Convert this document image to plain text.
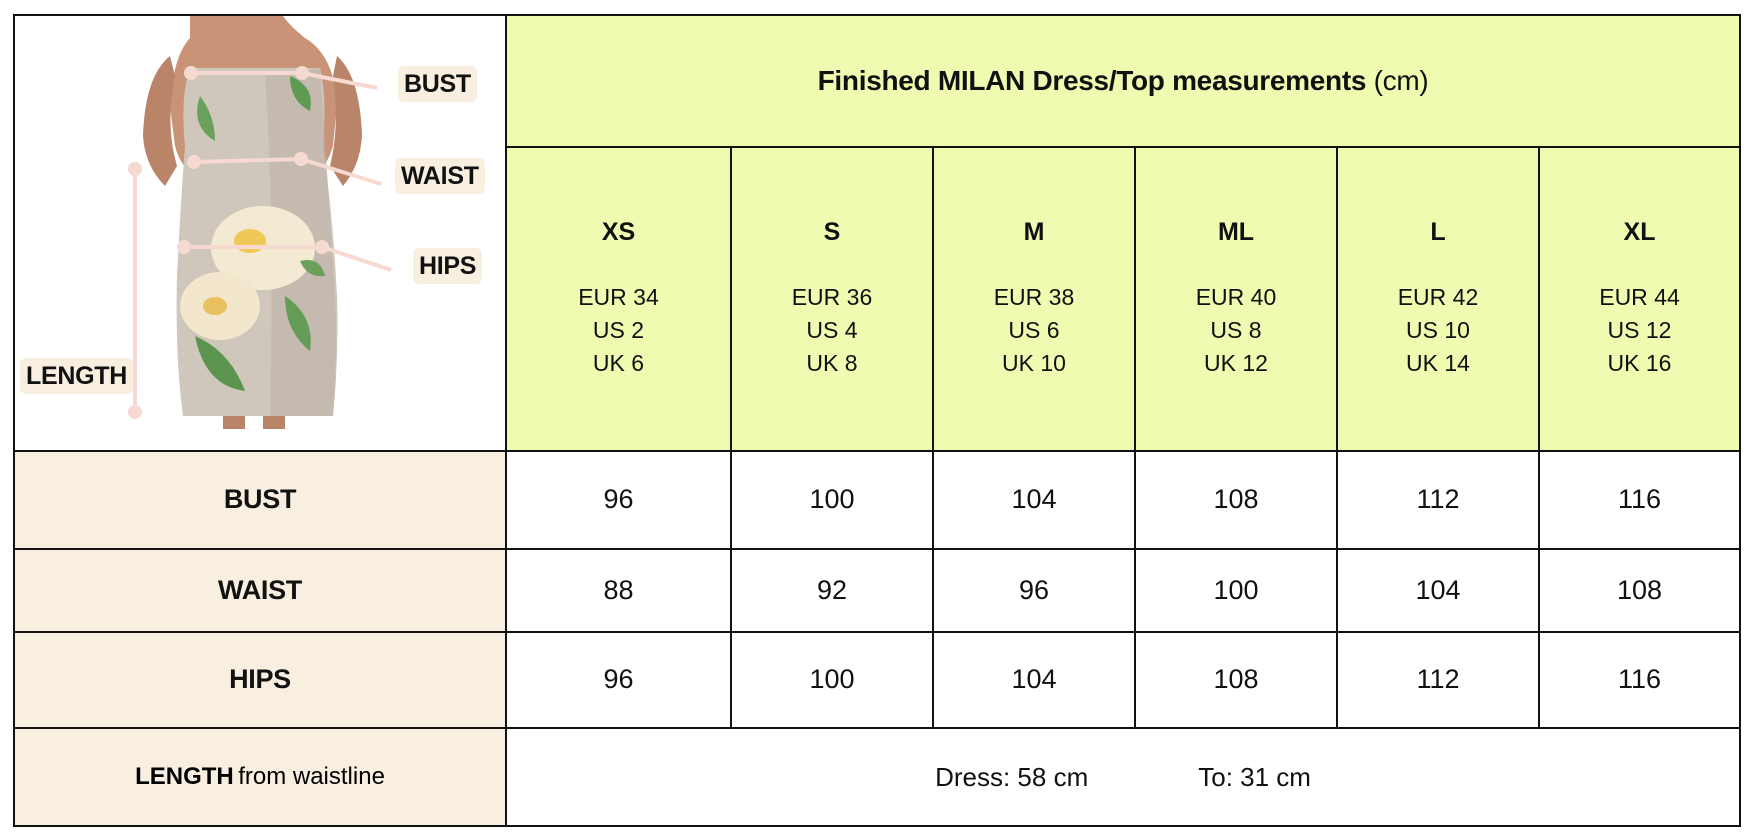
BUST
WAIST
HIPS
LENGTH	Finished MILAN Dress/Top measurements (cm)					

	XS
EUR 34
US 2
UK 6	S
EUR 36
US 4
UK 8	M
EUR 38
US 6
UK 10	ML
EUR 40
US 8
UK 12	L
EUR 42
US 10
UK 14	XL
EUR 44
US 12
UK 16

BUST	96	100	104	108	112	116
WAIST	88	92	96	100	104	108
HIPS	96	100	104	108	112	116
LENGTH from waistline	Dress: 58 cm To: 31 cm					
